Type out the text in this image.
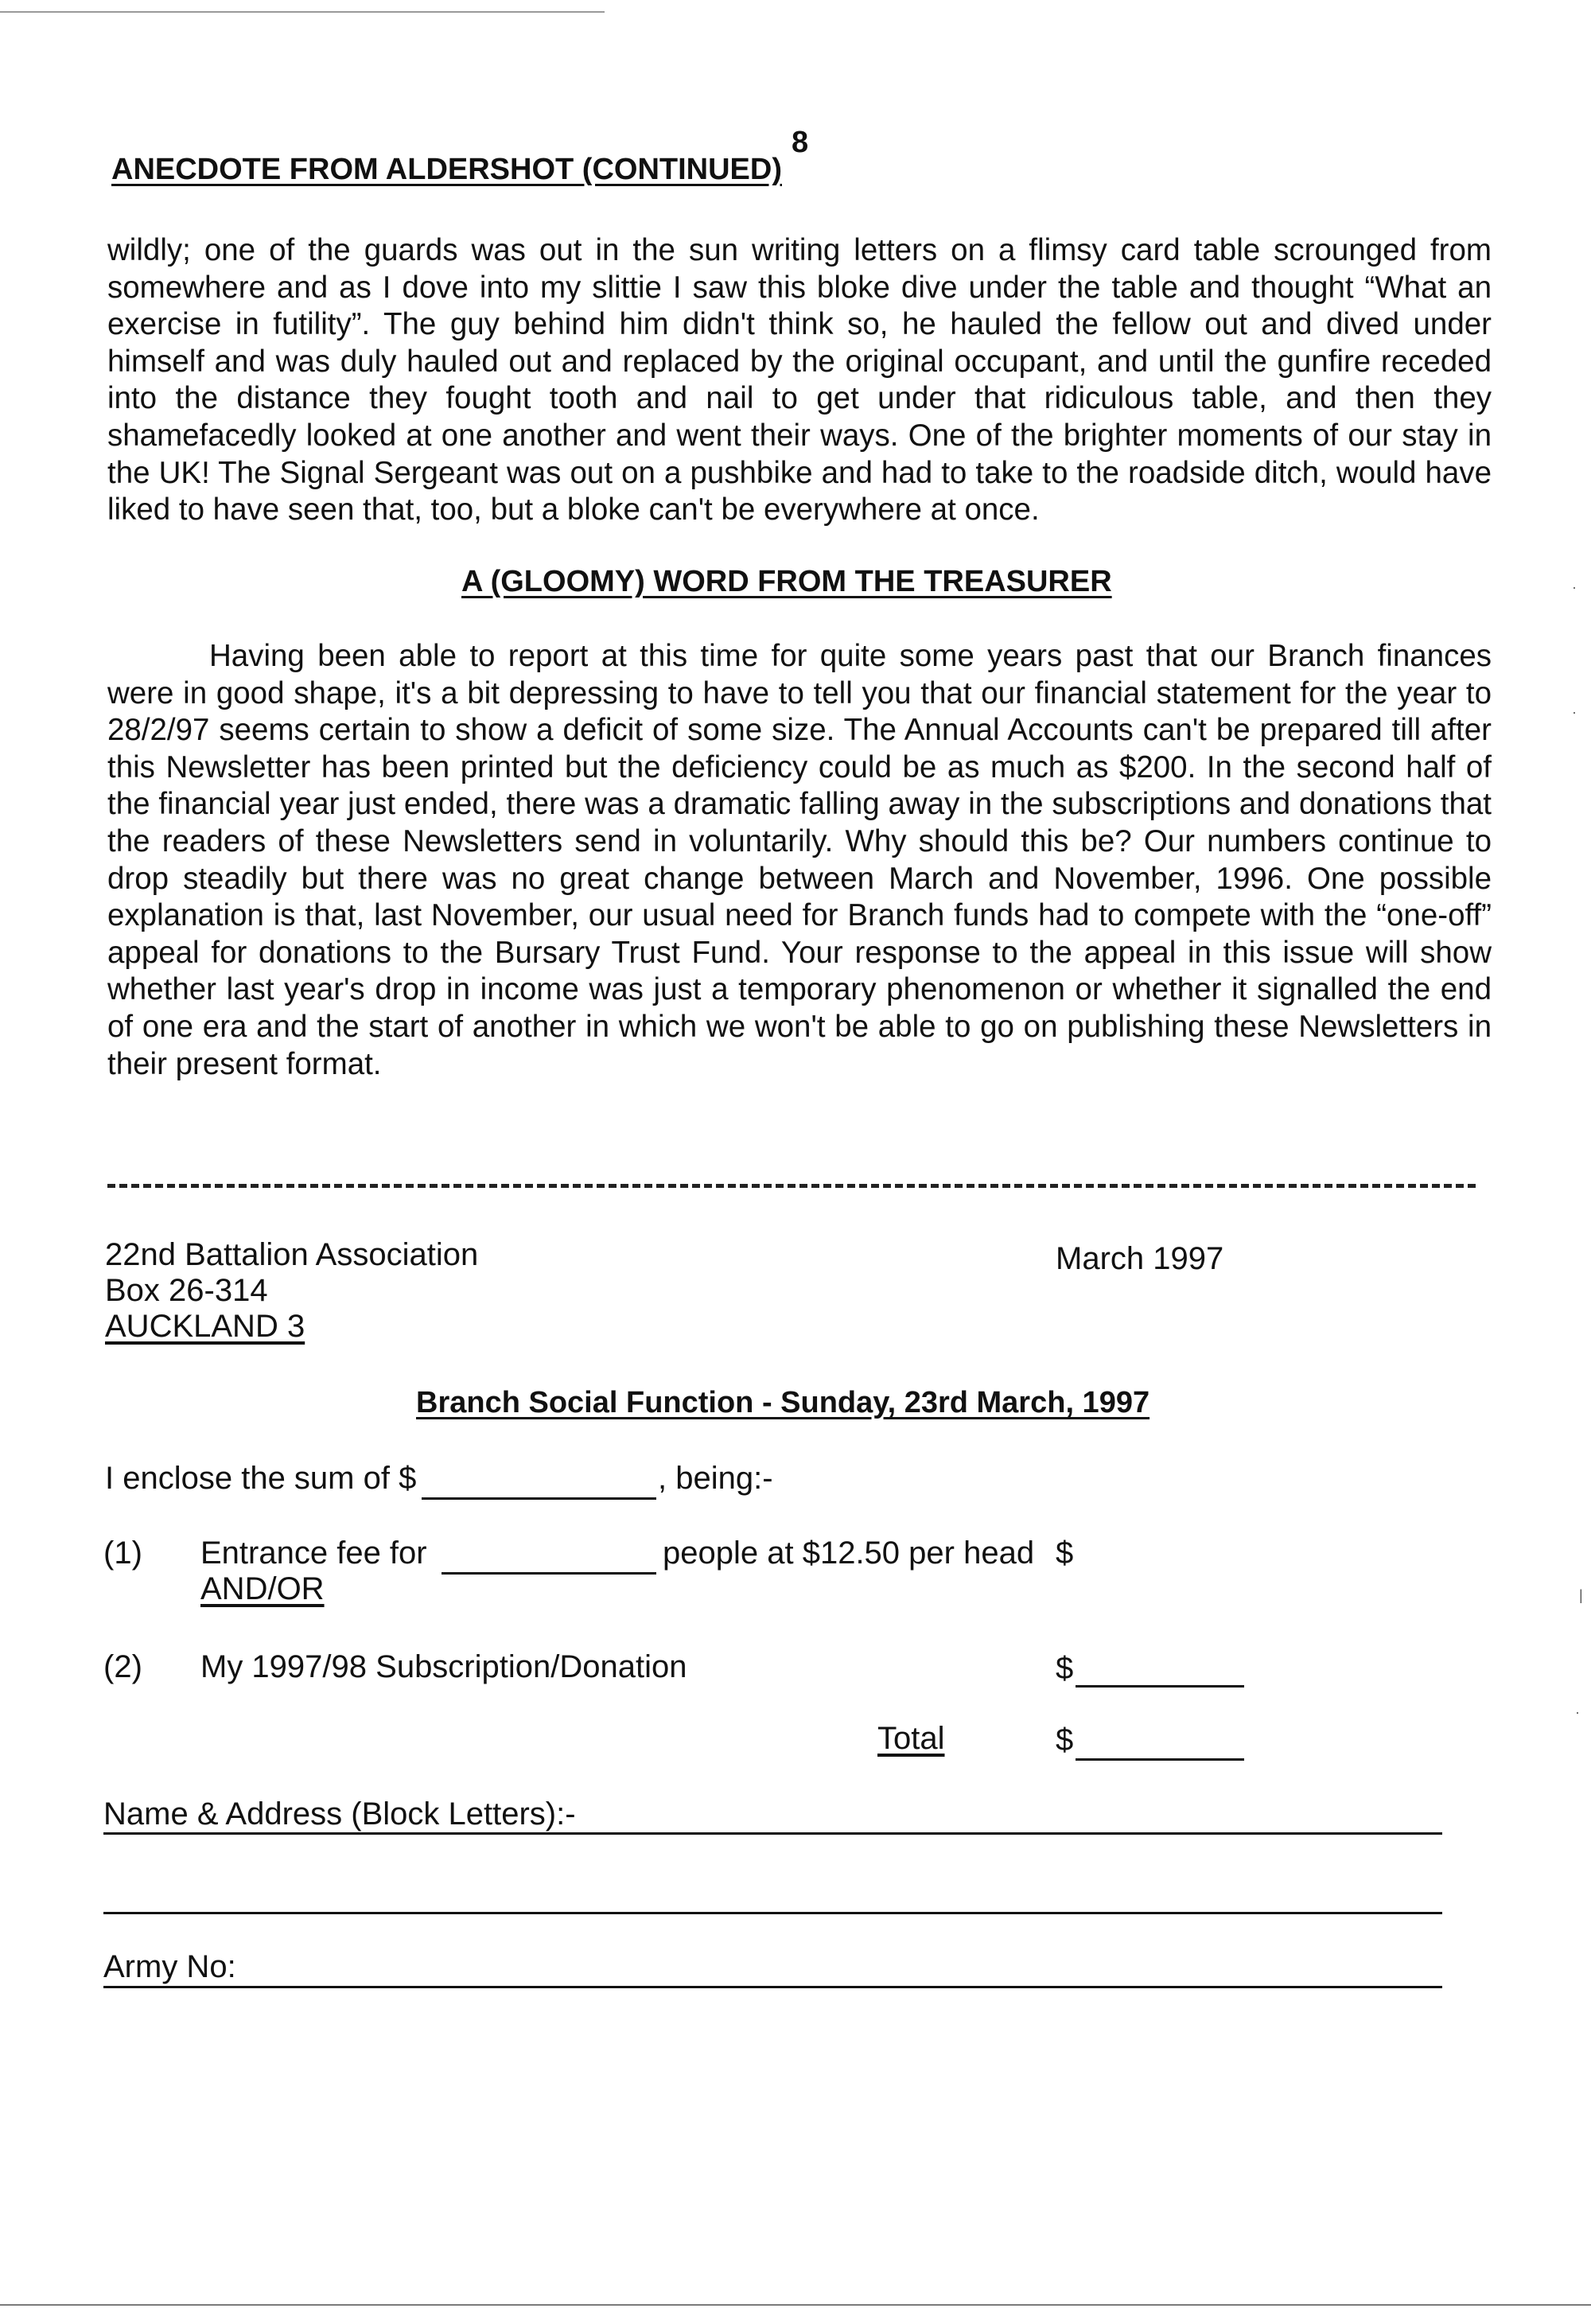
8
ANECDOTE FROM ALDERSHOT (CONTINUED)
wildly; one of the guards was out in the sun writing letters on a flimsy card table scrounged from somewhere and as I dove into my slittie I saw this bloke dive under the table and thought “What an exercise in futility”. The guy behind him didn't think so, he hauled the fellow out and dived under himself and was duly hauled out and replaced by the original occupant, and until the gunfire receded into the distance they fought tooth and nail to get under that ridiculous table, and then they shamefacedly looked at one another and went their ways. One of the brighter moments of our stay in the UK! The Signal Sergeant was out on a pushbike and had to take to the roadside ditch, would have liked to have seen that, too, but a bloke can't be everywhere at once.
A (GLOOMY) WORD FROM THE TREASURER
Having been able to report at this time for quite some years past that our Branch finances were in good shape, it's a bit depressing to have to tell you that our financial statement for the year to 28/2/97 seems certain to show a deficit of some size. The Annual Accounts can't be prepared till after this Newsletter has been printed but the deficiency could be as much as $200. In the second half of the financial year just ended, there was a dramatic falling away in the subscriptions and donations that the readers of these Newsletters send in voluntarily. Why should this be? Our numbers continue to drop steadily but there was no great change between March and November, 1996. One possible explanation is that, last November, our usual need for Branch funds had to compete with the “one-off” appeal for donations to the Bursary Trust Fund. Your response to the appeal in this issue will show whether last year's drop in income was just a temporary phenomenon or whether it signalled the end of one era and the start of another in which we won't be able to go on publishing these Newsletters in their present format.
·
·
22nd Battalion Association
Box 26-314
AUCKLAND 3
March 1997
Branch Social Function - Sunday, 23rd March, 1997
I enclose the sum of $	, being:-
(1) Entrance fee for	people at $12.50 per head $
AND/OR
(2) My 1997/98 Subscription/Donation	$
Total	$
Name & Address (Block Letters):-
Army No:
|
·
